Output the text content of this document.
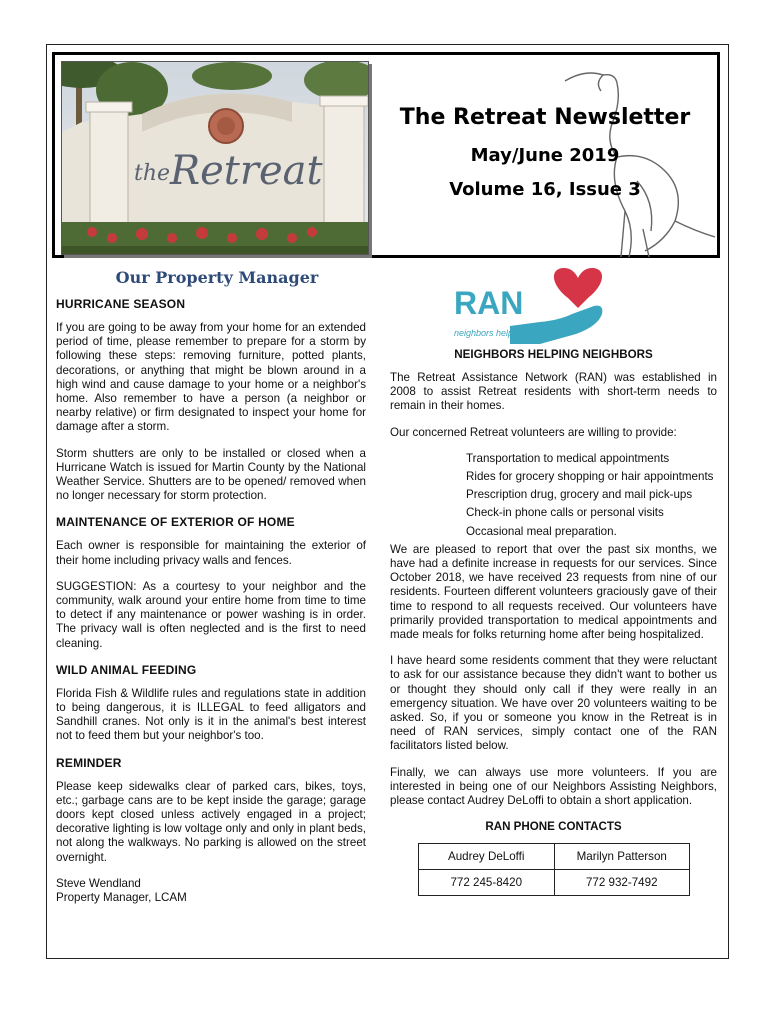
the Retreat
The Retreat Newsletter
May/June 2019
Volume 16, Issue 3
Our Property Manager
HURRICANE SEASON

If you are going to be away from your home for an extended period of time, please remember to prepare for a storm by following these steps: removing furniture, potted plants, decorations, or anything that might be blown around in a high wind and cause damage to your home or a neighbor's home. Also remember to have a person (a neighbor or nearby relative) or firm designated to inspect your home for damage after a storm.

Storm shutters are only to be installed or closed when a Hurricane Watch is issued for Martin County by the National Weather Service. Shutters are to be opened/ removed when no longer necessary for storm protection.

MAINTENANCE OF EXTERIOR OF HOME

Each owner is responsible for maintaining the exterior of their home including privacy walls and fences.

SUGGESTION: As a courtesy to your neighbor and the community, walk around your entire home from time to time to detect if any maintenance or power washing is in order. The privacy wall is often neglected and is the first to need cleaning.

WILD ANIMAL FEEDING

Florida Fish & Wildlife rules and regulations state in addition to being dangerous, it is ILLEGAL to feed alligators and Sandhill cranes. Not only is it in the animal's best interest not to feed them but your neighbor's too.

REMINDER

Please keep sidewalks clear of parked cars, bikes, toys, etc.; garbage cans are to be kept inside the garage; garage doors kept closed unless actively engaged in a project; decorative lighting is low voltage only and only in plant beds, not along the walkways. No parking is allowed on the street overnight.

Steve Wendland
Property Manager, LCAM
RAN
neighbors helping neighbors
NEIGHBORS HELPING NEIGHBORS

The Retreat Assistance Network (RAN) was established in 2008 to assist Retreat residents with short-term needs to remain in their homes.

Our concerned Retreat volunteers are willing to provide:

Transportation to medical appointments
Rides for grocery shopping or hair appointments
Prescription drug, grocery and mail pick-ups
Check-in phone calls or personal visits
Occasional meal preparation.

We are pleased to report that over the past six months, we have had a definite increase in requests for our services. Since October 2018, we have received 23 requests from nine of our residents. Fourteen different volunteers graciously gave of their time to respond to all requests received. Our volunteers have primarily provided transportation to medical appointments and made meals for folks returning home after being hospitalized.

I have heard some residents comment that they were reluctant to ask for our assistance because they didn't want to bother us or thought they should only call if they were really in an emergency situation. We have over 20 volunteers waiting to be asked. So, if you or someone you know in the Retreat is in need of RAN services, simply contact one of the RAN facilitators listed below.

Finally, we can always use more volunteers. If you are interested in being one of our Neighbors Assisting Neighbors, please contact Audrey DeLoffi to obtain a short application.

RAN PHONE CONTACTS
Audrey DeLoffi	Marilyn Patterson
772 245-8420	772 932-7492
